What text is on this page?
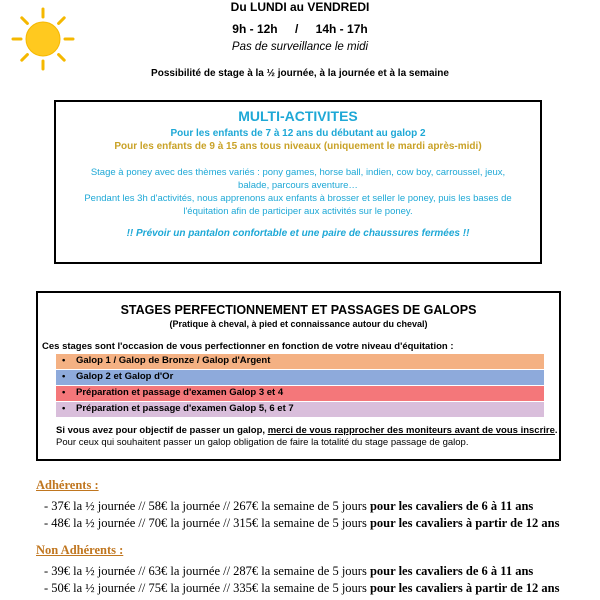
Du LUNDI au VENDREDI
9h - 12h / 14h - 17h
Pas de surveillance le midi
Possibilité de stage à la ½ journée, à la journée et à la semaine
MULTI-ACTIVITES
Pour les enfants de 7 à 12 ans du débutant au galop 2
Pour les enfants de 9 à 15 ans tous niveaux (uniquement le mardi après-midi)
Stage à poney avec des thèmes variés : pony games, horse ball, indien, cow boy, carroussel, jeux, balade, parcours aventure…
Pendant les 3h d'activités, nous apprenons aux enfants à brosser et seller le poney, puis les bases de l'équitation afin de participer aux activités sur le poney.
!! Prévoir un pantalon confortable et une paire de chaussures fermées !!
STAGES PERFECTIONNEMENT ET PASSAGES DE GALOPS
(Pratique à cheval, à pied et connaissance autour du cheval)
Ces stages sont l'occasion de vous perfectionner en fonction de votre niveau d'équitation :
• Galop 1 / Galop de Bronze / Galop d'Argent
• Galop 2 et Galop d'Or
• Préparation et passage d'examen Galop 3 et 4
• Préparation et passage d'examen Galop 5, 6 et 7
Si vous avez pour objectif de passer un galop, merci de vous rapprocher des moniteurs avant de vous inscrire.
Pour ceux qui souhaitent passer un galop obligation de faire la totalité du stage passage de galop.
Adhérents :
- 37€ la ½ journée // 58€ la journée // 267€ la semaine de 5 jours pour les cavaliers de 6 à 11 ans
- 48€ la ½ journée // 70€ la journée // 315€ la semaine de 5 jours pour les cavaliers à partir de 12 ans
Non Adhérents :
- 39€ la ½ journée // 63€ la journée // 287€ la semaine de 5 jours pour les cavaliers de 6 à 11 ans
- 50€ la ½ journée // 75€ la journée // 335€ la semaine de 5 jours pour les cavaliers à partir de 12 ans
